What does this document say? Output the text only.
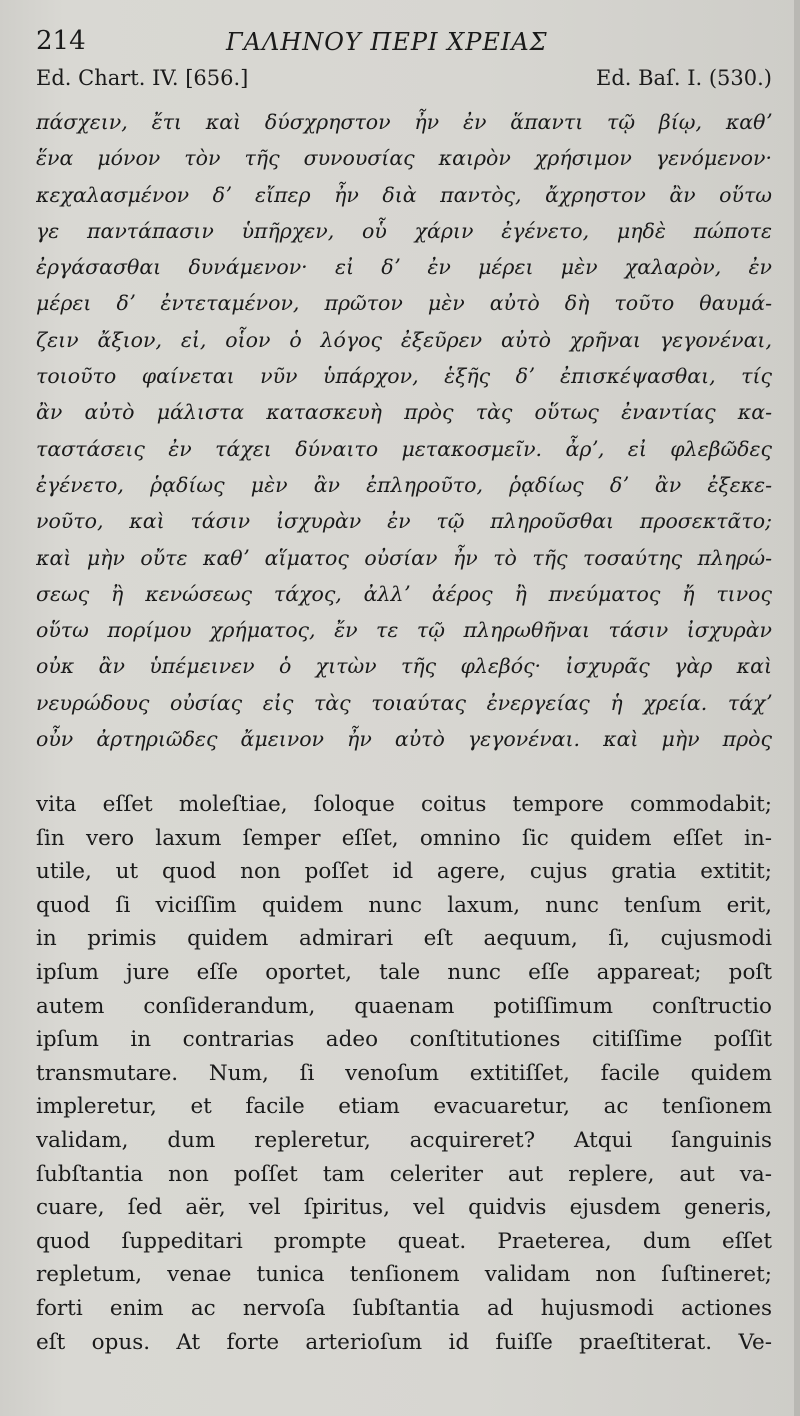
214	ΓΑΛΗΝΟΥ ΠΕΡΙ ΧΡΕΙΑΣ
Ed. Chart. IV. [656.]	Ed. Baſ. I. (530.)
πάσχειν, ἔτι καὶ δύσχρηστον ἦν ἐν ἅπαντι τῷ βίῳ, καθʼ
ἕνα μόνον τὸν τῆς συνουσίας καιρὸν χρήσιμον γενόμενον·
κεχαλασμένον δʼ εἴπερ ἦν διὰ παντὸς, ἄχρηστον ἂν οὕτω
γε παντάπασιν ὑπῆρχεν, οὗ χάριν ἐγένετο, μηδὲ πώποτε
ἐργάσασθαι δυνάμενον· εἰ δʼ ἐν μέρει μὲν χαλαρὸν, ἐν
μέρει δʼ ἐντεταμένον, πρῶτον μὲν αὐτὸ δὴ τοῦτο θαυμά-
ζειν ἄξιον, εἰ, οἷον ὁ λόγος ἐξεῦρεν αὐτὸ χρῆναι γεγονέναι,
τοιοῦτο φαίνεται νῦν ὑπάρχον, ἑξῆς δʼ ἐπισκέψασθαι, τίς
ἂν αὐτὸ μάλιστα κατασκευὴ πρὸς τὰς οὕτως ἐναντίας κα-
ταστάσεις ἐν τάχει δύναιτο μετακοσμεῖν. ἆρʼ, εἰ φλεβῶδες
ἐγένετο, ῥᾳδίως μὲν ἂν ἐπληροῦτο, ῥᾳδίως δʼ ἂν ἐξεκε-
νοῦτο, καὶ τάσιν ἰσχυρὰν ἐν τῷ πληροῦσθαι προσεκτᾶτο;
καὶ μὴν οὔτε καθʼ αἵματος οὐσίαν ἦν τὸ τῆς τοσαύτης πληρώ-
σεως ἢ κενώσεως τάχος, ἀλλʼ ἀέρος ἢ πνεύματος ἤ τινος
οὕτω πορίμου χρήματος, ἔν τε τῷ πληρωθῆναι τάσιν ἰσχυρὰν
οὐκ ἂν ὑπέμεινεν ὁ χιτὼν τῆς φλεβός· ἰσχυρᾶς γὰρ καὶ
νευρώδους οὐσίας εἰς τὰς τοιαύτας ἐνεργείας ἡ χρεία. τάχʼ
οὖν ἀρτηριῶδες ἄμεινον ἦν αὐτὸ γεγονέναι. καὶ μὴν πρὸς
vita eſſet moleſtiae, ſoloque coitus tempore commodabit;
ſin vero laxum ſemper eſſet, omnino ſic quidem eſſet in-
utile, ut quod non poſſet id agere, cujus gratia extitit;
quod ſi viciſſim quidem nunc laxum, nunc tenſum erit,
in primis quidem admirari eſt aequum, ſi, cujusmodi
ipſum jure eſſe oportet, tale nunc eſſe appareat; poſt
autem conſiderandum, quaenam potiſſimum conſtructio
ipſum in contrarias adeo conſtitutiones citiſſime poſſit
transmutare. Num, ſi venoſum extitiſſet, facile quidem
impleretur, et facile etiam evacuaretur, ac tenſionem
validam, dum repleretur, acquireret? Atqui ſanguinis
ſubſtantia non poſſet tam celeriter aut replere, aut va-
cuare, ſed aër, vel ſpiritus, vel quidvis ejusdem generis,
quod ſuppeditari prompte queat. Praeterea, dum eſſet
repletum, venae tunica tenſionem validam non ſuſtineret;
forti enim ac nervoſa ſubſtantia ad hujusmodi actiones
eſt opus. At forte arterioſum id fuiſſe praeſtiterat. Ve-
